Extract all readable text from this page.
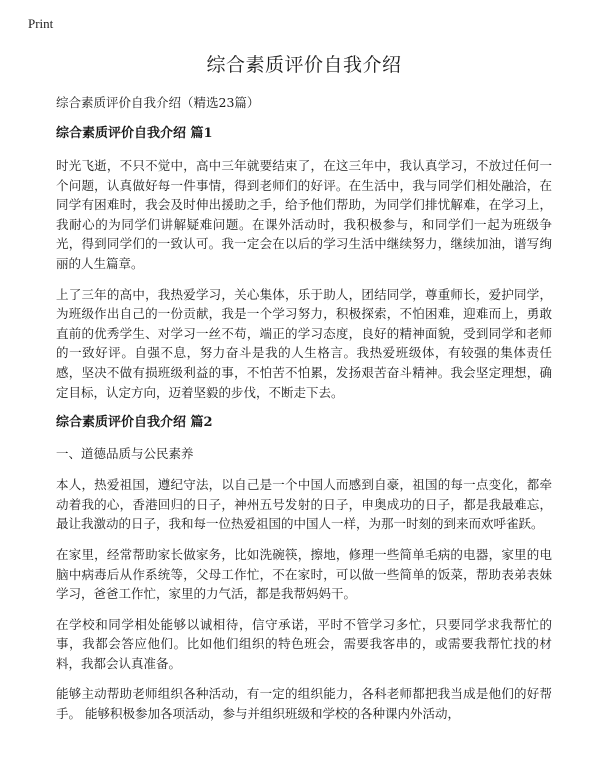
Print
综合素质评价自我介绍

综合素质评价自我介绍（精选23篇）

综合素质评价自我介绍 篇1

时光飞逝，不只不觉中，高中三年就要结束了，在这三年中，我认真学习，不放过任何一个问题，认真做好每一件事情，得到老师们的好评。在生活中，我与同学们相处融洽，在同学有困难时，我会及时伸出援助之手，给予他们帮助，为同学们排忧解难，在学习上，我耐心的为同学们讲解疑难问题。在课外活动时，我积极参与，和同学们一起为班级争光，得到同学们的一致认可。我一定会在以后的学习生活中继续努力，继续加油，谱写绚丽的人生篇章。

上了三年的高中，我热爱学习，关心集体，乐于助人，团结同学，尊重师长，爱护同学，为班级作出自己的一份贡献，我是一个学习努力，积极探索，不怕困难，迎难而上，勇敢直前的优秀学生、对学习一丝不苟，端正的学习态度，良好的精神面貌，受到同学和老师的一致好评。自强不息，努力奋斗是我的人生格言。我热爱班级体，有较强的集体责任感，坚决不做有损班级利益的事，不怕苦不怕累，发扬艰苦奋斗精神。我会坚定理想，确定目标，认定方向，迈着坚毅的步伐，不断走下去。

综合素质评价自我介绍 篇2

一、道德品质与公民素养

本人，热爱祖国，遵纪守法，以自己是一个中国人而感到自豪，祖国的每一点变化，都牵动着我的心，香港回归的日子，神州五号发射的日子，申奥成功的日子，都是我最难忘，最让我激动的日子，我和每一位热爱祖国的中国人一样，为那一时刻的到来而欢呼雀跃。

在家里，经常帮助家长做家务，比如洗碗筷，擦地，修理一些简单毛病的电器，家里的电脑中病毒后从作系统等，父母工作忙，不在家时，可以做一些简单的饭菜，帮助表弟表妹学习，爸爸工作忙，家里的力气活，都是我帮妈妈干。

在学校和同学相处能够以诚相待，信守承诺，平时不管学习多忙，只要同学求我帮忙的事，我都会答应他们。比如他们组织的特色班会，需要我客串的，或需要我帮忙找的材料，我都会认真准备。

能够主动帮助老师组织各种活动，有一定的组织能力，各科老师都把我当成是他们的好帮手。 能够积极参加各项活动，参与并组织班级和学校的各种课内外活动，
